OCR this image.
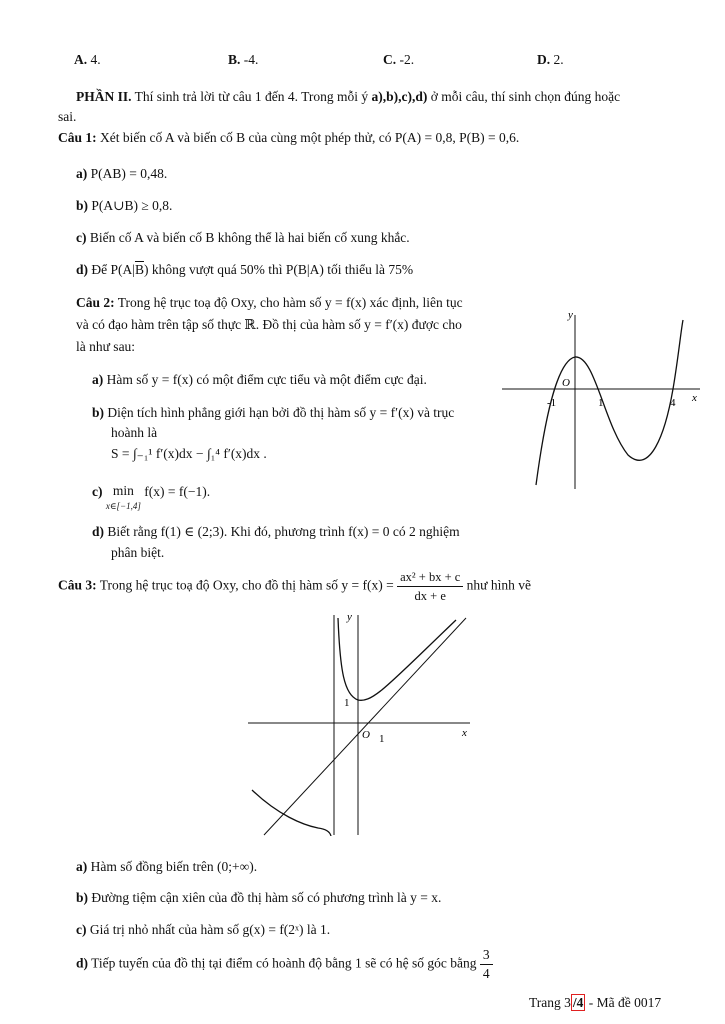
A. 4.	B. -4.	C. -2.	D. 2.
PHẦN II. Thí sinh trả lời từ câu 1 đến 4. Trong mỗi ý a),b),c),d) ở mỗi câu, thí sinh chọn đúng hoặc
sai.
Câu 1: Xét biến cố A và biến cố B của cùng một phép thử, có P(A) = 0,8, P(B) = 0,6.
a) P(AB) = 0,48.
b) P(A∪B) ≥ 0,8.
c) Biến cố A và biến cố B không thể là hai biến cố xung khắc.
d) Để $P(A|\overline{B})$ không vượt quá 50% thì P(B|A) tối thiểu là 75%
Câu 2: Trong hệ trục toạ độ Oxy, cho hàm số y = f(x) xác định, liên tục
và có đạo hàm trên tập số thực ℝ. Đồ thị của hàm số y = f′(x) được cho
là như sau:
a) Hàm số y = f(x) có một điểm cực tiểu và một điểm cực đại.
b) Diện tích hình phẳng giới hạn bởi đồ thị hàm số y = f′(x) và trục
hoành là
S = ∫₋₁¹ f′(x)dx − ∫₁⁴ f′(x)dx .
c) min
x∈[−1,4] f(x) = f(−1).
d) Biết rằng f(1) ∈ (2;3). Khi đó, phương trình f(x) = 0 có 2 nghiệm
phân biệt.
y
x
O
-1	1	4
Câu 3: Trong hệ trục toạ độ Oxy, cho đồ thị hàm số $y = f(x) = \frac{\text{ax² + bx + c}}{dx + e}$ như hình vẽ
y
x
O 1
1
a) Hàm số đồng biến trên (0;+∞).
b) Đường tiệm cận xiên của đồ thị hàm số có phương trình là y = x.
c) Giá trị nhỏ nhất của hàm số g(x) = f(2ˣ) là 1.
d) Tiếp tuyến của đồ thị tại điểm có hoành độ bằng 1 sẽ có hệ số góc bằng $\frac{3}{4}$
Trang 3 /4 - Mã đề 0017
